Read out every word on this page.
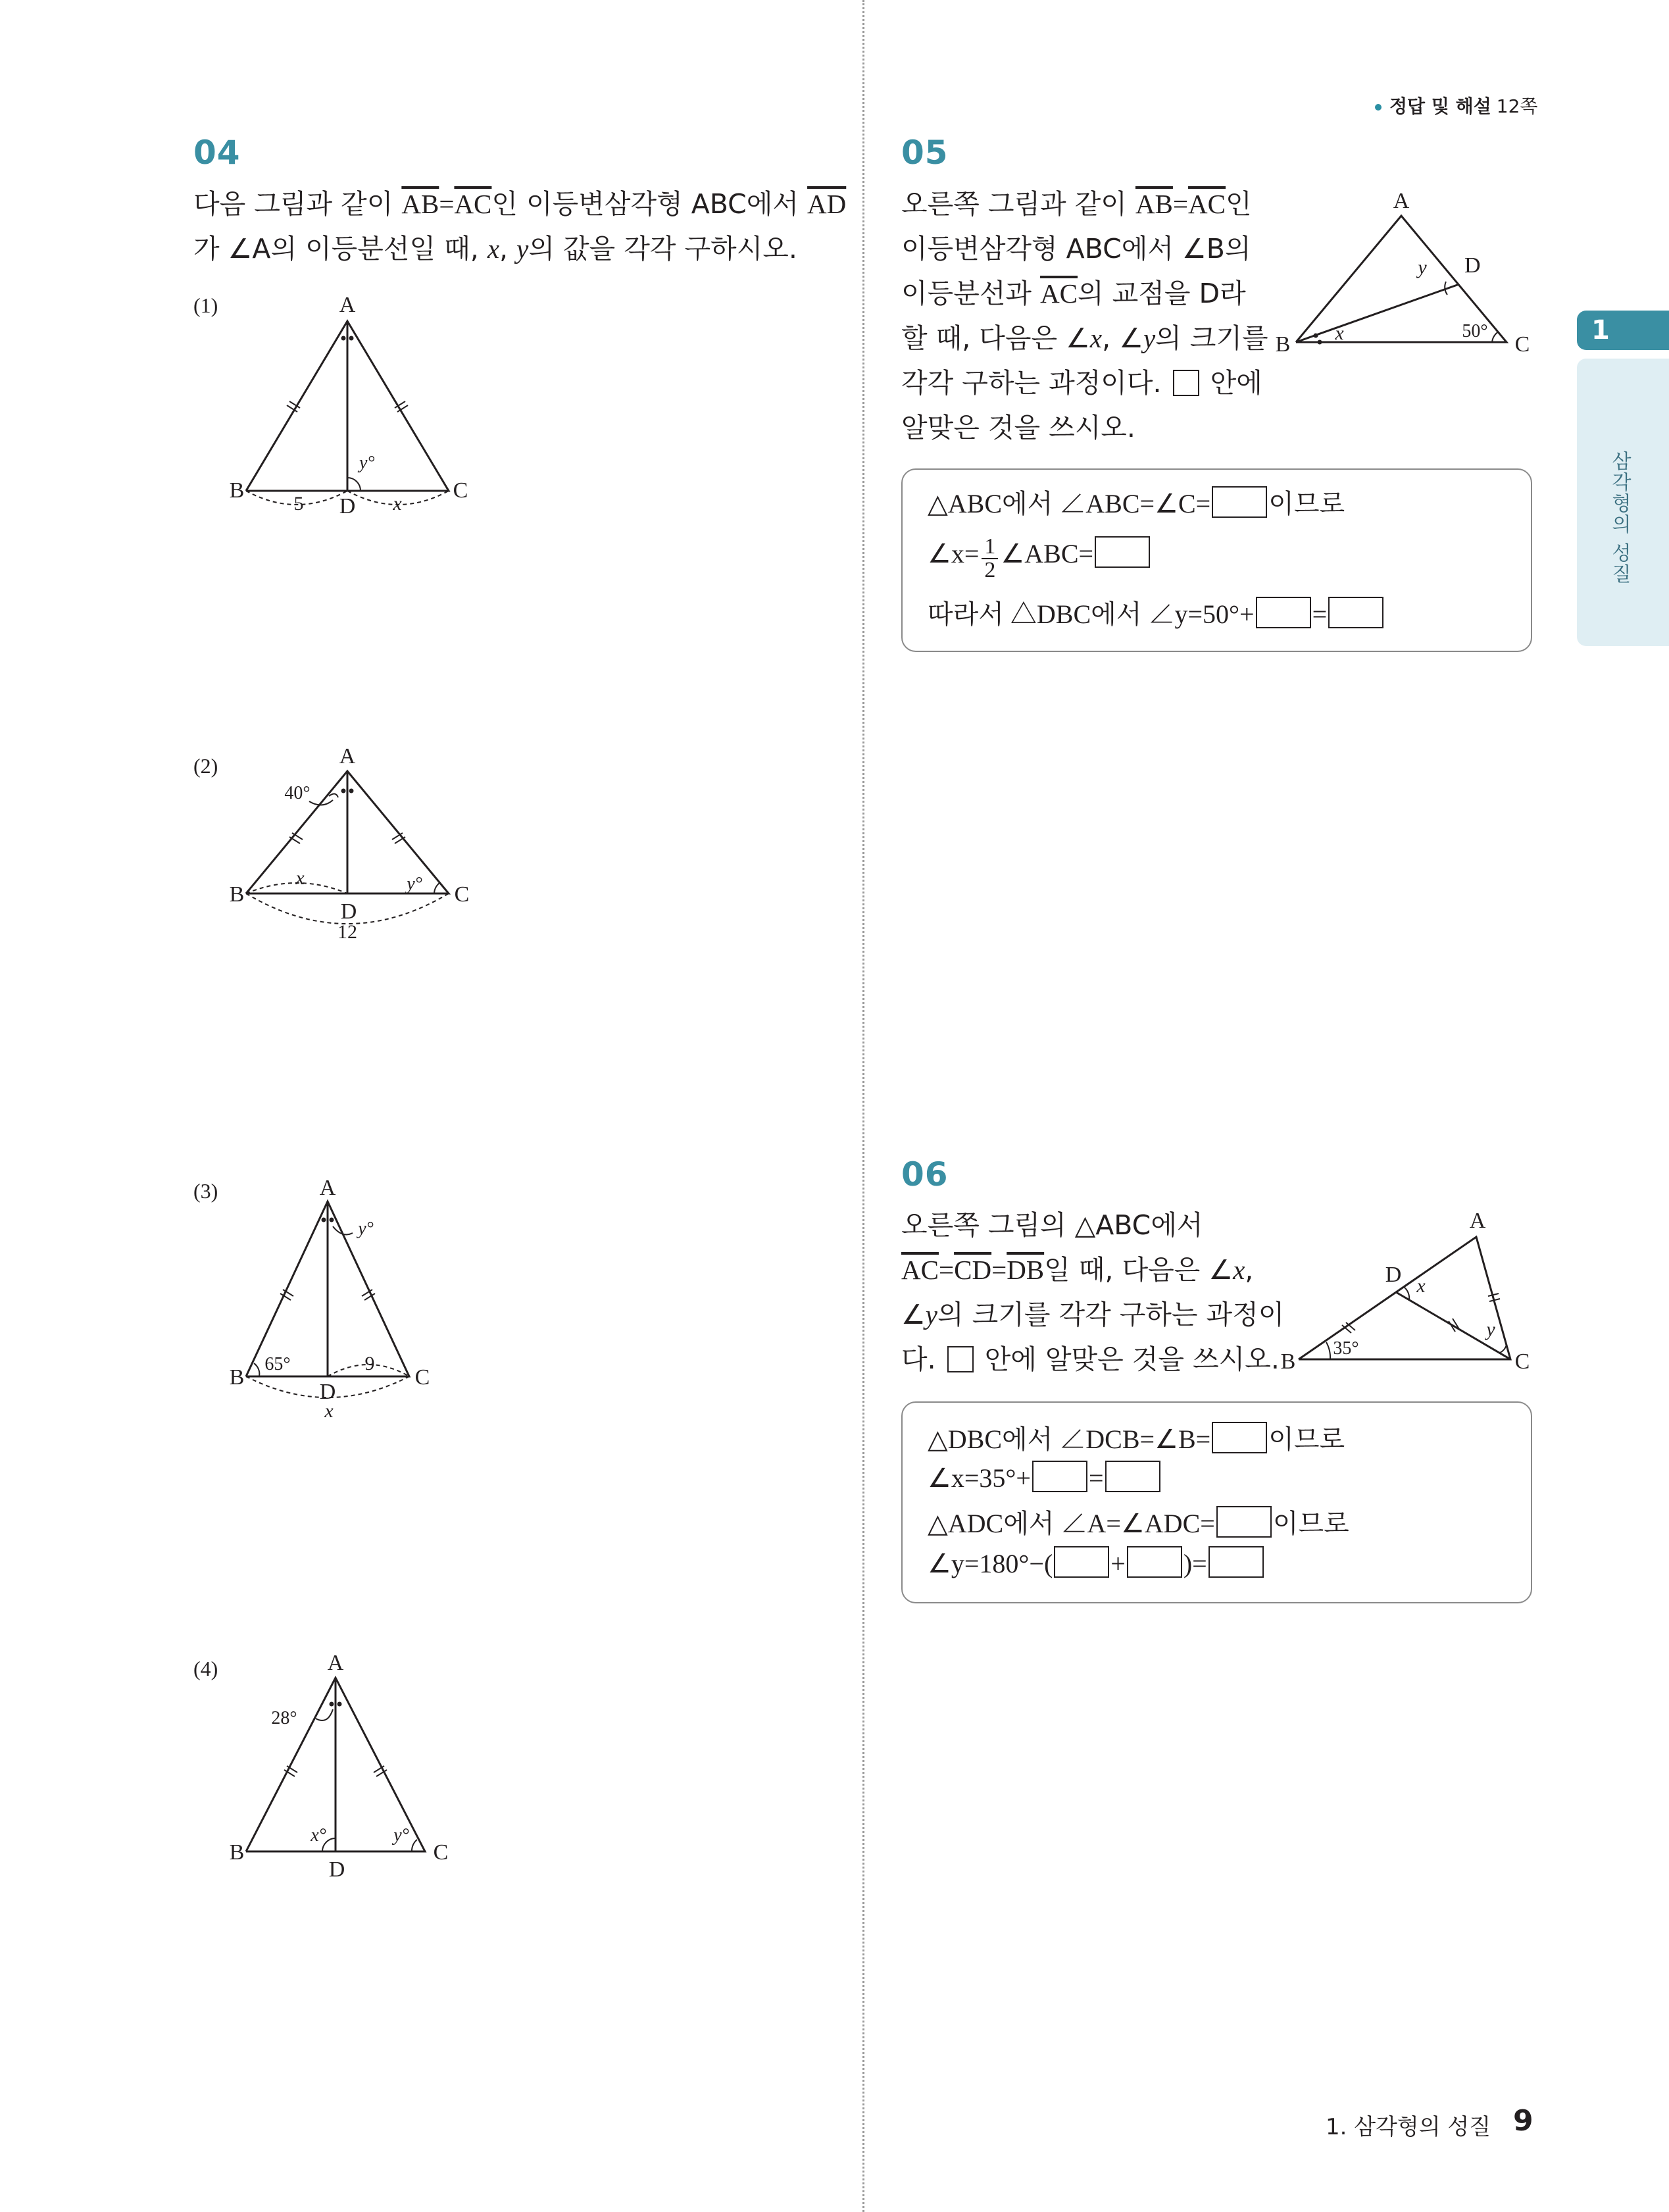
정답 및 해설 12쪽
1
삼각형의 성질
04

다음 그림과 같이 $\overline{AB}=\overline{AC}$인 이등변삼각형 ABC에서 $\overline{AD}$

가 ∠A의 이등분선일 때, x, y의 값을 각각 구하시오.

(1)	A
B	C
D
5	x
y°
(2)	A
B	C
D
x	y°
40°
12
(3)	A
B	C
D
65°	9
x
y°
(4)	A
B	C
D
28°
x°	y°
05

오른쪽 그림과 같이 $\overline{AB}=\overline{AC}$인

이등변삼각형 ABC에서 ∠B의

이등분선과 $\overline{AC}$의 교점을 D라

할 때, 다음은 ∠x, ∠y의 크기를

각각 구하는 과정이다.  안에

알맞은 것을 쓰시오.

A
B	C
D
x
y
50°
△ABC에서 ∠ABC=∠C= 이므로
∠x= $\frac{1}{2}$ ∠ABC=
따라서 △DBC에서 ∠y=50°+ =
06

오른쪽 그림의 △ABC에서

$\overline{AC}=\overline{CD}=\overline{DB}$일 때, 다음은 ∠x,

∠y의 크기를 각각 구하는 과정이

다.  안에 알맞은 것을 쓰시오.

A
B	C
D x
y
35°
△DBC에서 ∠DCB=∠B= 이므로
∠x=35°+ =
△ADC에서 ∠A=∠ADC= 이므로
∠y=180°−( + )=
1. 삼각형의 성질 9
